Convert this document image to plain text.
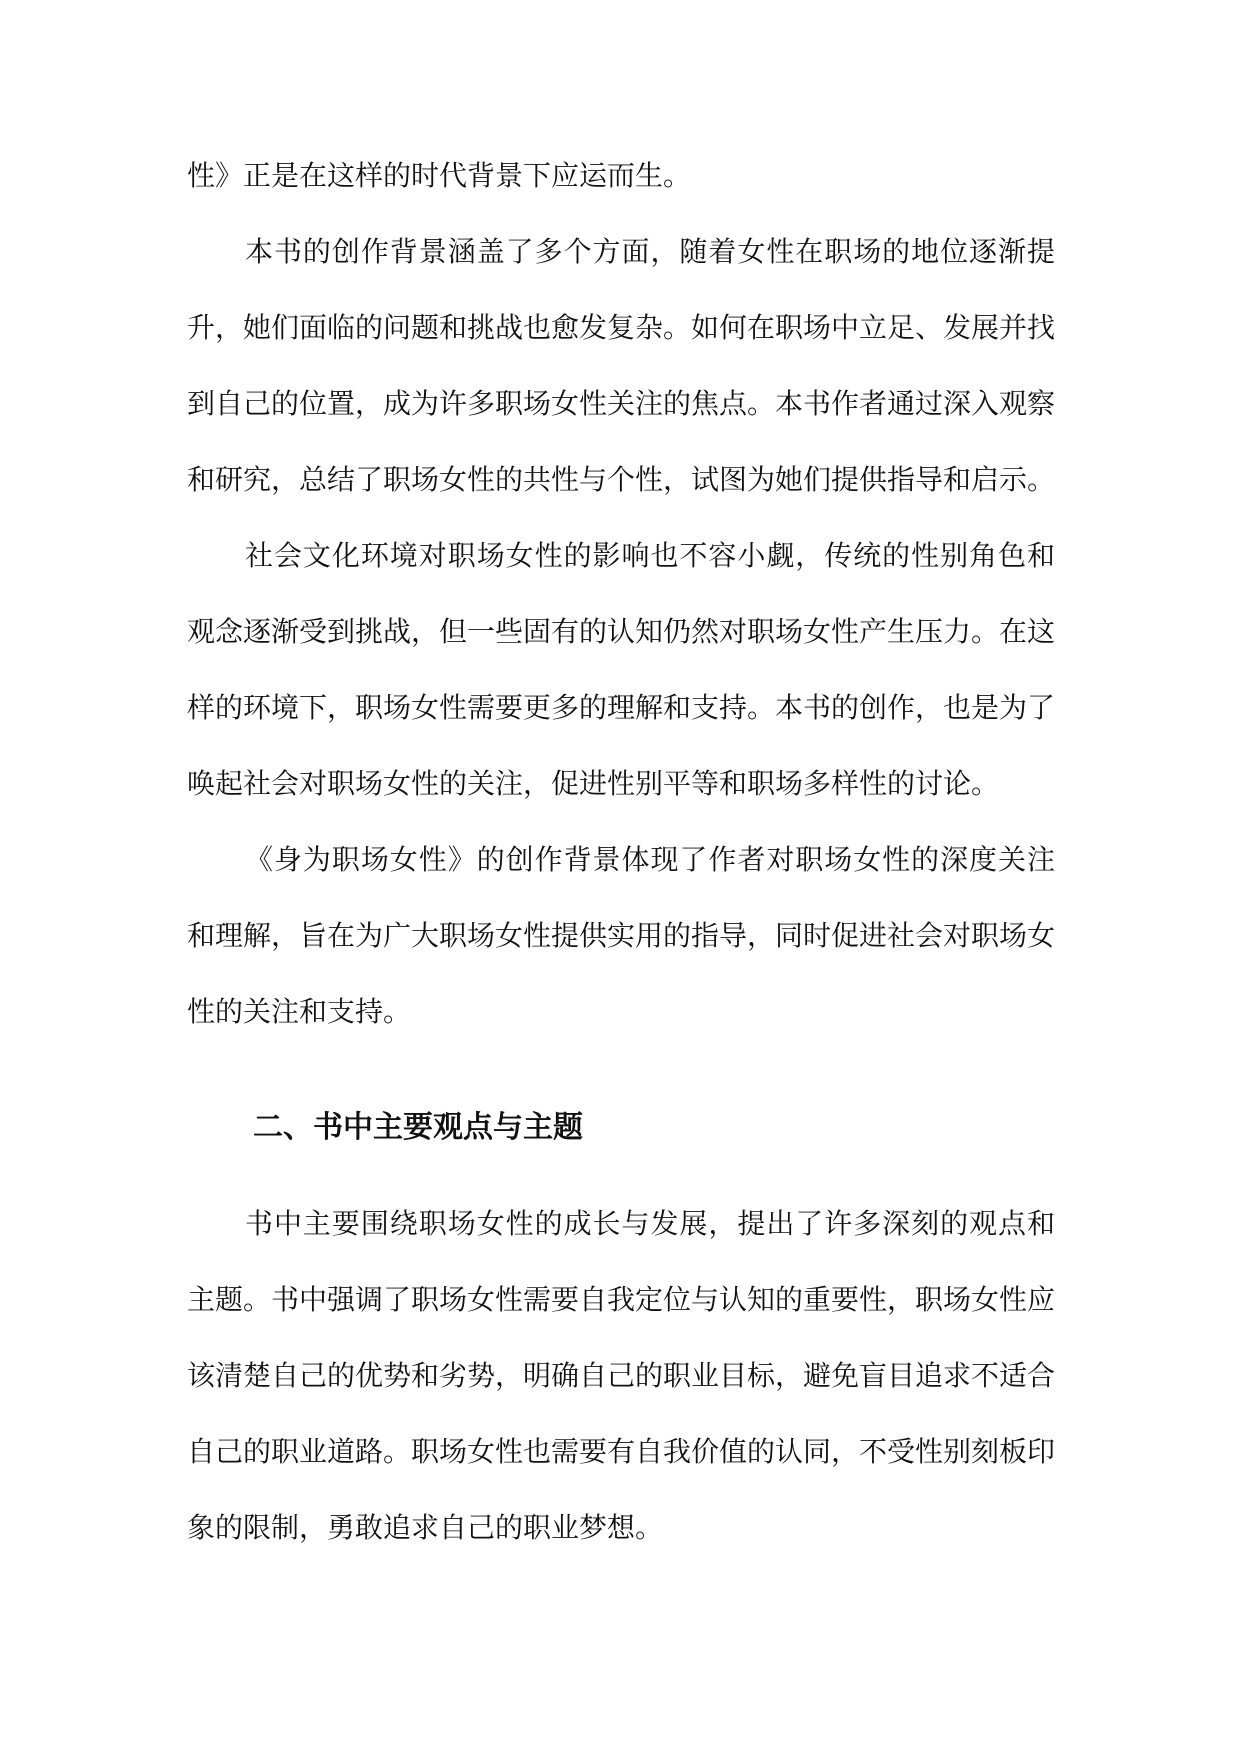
性》正是在这样的时代背景下应运而生。

本书的创作背景涵盖了多个方面，随着女性在职场的地位逐渐提升，她们面临的问题和挑战也愈发复杂。如何在职场中立足、发展并找到自己的位置，成为许多职场女性关注的焦点。本书作者通过深入观察和研究，总结了职场女性的共性与个性，试图为她们提供指导和启示。

社会文化环境对职场女性的影响也不容小觑，传统的性别角色和观念逐渐受到挑战，但一些固有的认知仍然对职场女性产生压力。在这样的环境下，职场女性需要更多的理解和支持。本书的创作，也是为了唤起社会对职场女性的关注，促进性别平等和职场多样性的讨论。

《身为职场女性》的创作背景体现了作者对职场女性的深度关注和理解，旨在为广大职场女性提供实用的指导，同时促进社会对职场女性的关注和支持。

二、书中主要观点与主题

书中主要围绕职场女性的成长与发展，提出了许多深刻的观点和主题。书中强调了职场女性需要自我定位与认知的重要性，职场女性应该清楚自己的优势和劣势，明确自己的职业目标，避免盲目追求不适合自己的职业道路。职场女性也需要有自我价值的认同，不受性别刻板印象的限制，勇敢追求自己的职业梦想。
